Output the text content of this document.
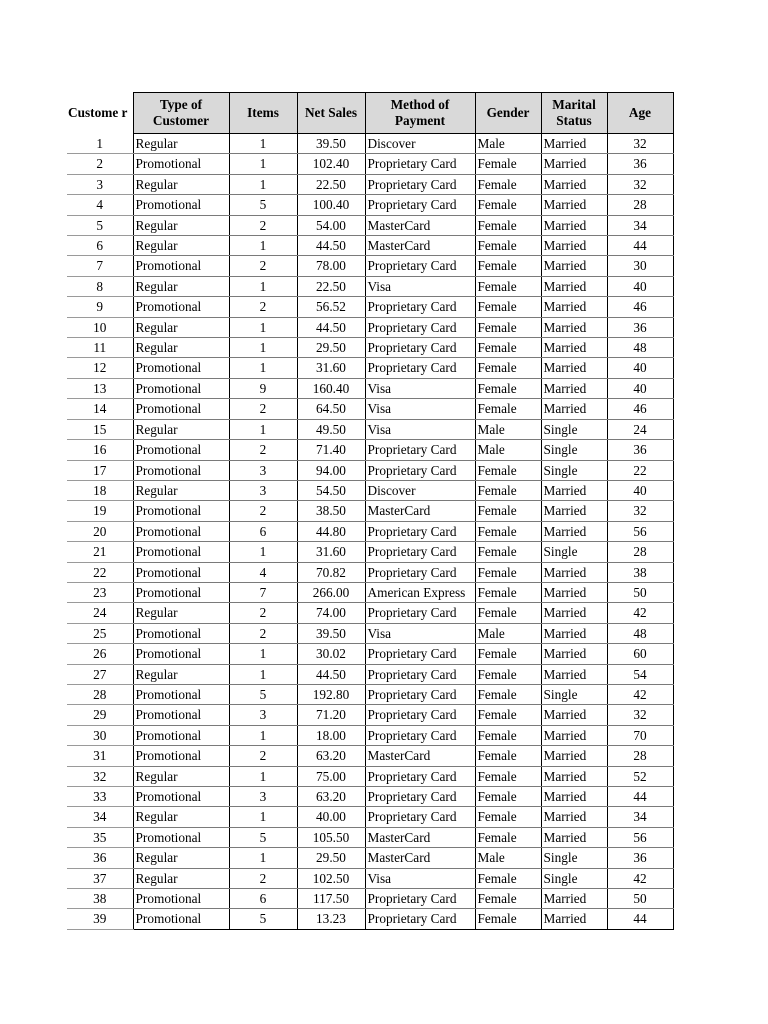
Custome r	Type of Customer	Items	Net Sales	Method of Payment	Gender	Marital Status	Age
1	Regular	1	39.50	Discover	Male	Married	32
2	Promotional	1	102.40	Proprietary Card	Female	Married	36
3	Regular	1	22.50	Proprietary Card	Female	Married	32
4	Promotional	5	100.40	Proprietary Card	Female	Married	28
5	Regular	2	54.00	MasterCard	Female	Married	34
6	Regular	1	44.50	MasterCard	Female	Married	44
7	Promotional	2	78.00	Proprietary Card	Female	Married	30
8	Regular	1	22.50	Visa	Female	Married	40
9	Promotional	2	56.52	Proprietary Card	Female	Married	46
10	Regular	1	44.50	Proprietary Card	Female	Married	36
11	Regular	1	29.50	Proprietary Card	Female	Married	48
12	Promotional	1	31.60	Proprietary Card	Female	Married	40
13	Promotional	9	160.40	Visa	Female	Married	40
14	Promotional	2	64.50	Visa	Female	Married	46
15	Regular	1	49.50	Visa	Male	Single	24
16	Promotional	2	71.40	Proprietary Card	Male	Single	36
17	Promotional	3	94.00	Proprietary Card	Female	Single	22
18	Regular	3	54.50	Discover	Female	Married	40
19	Promotional	2	38.50	MasterCard	Female	Married	32
20	Promotional	6	44.80	Proprietary Card	Female	Married	56
21	Promotional	1	31.60	Proprietary Card	Female	Single	28
22	Promotional	4	70.82	Proprietary Card	Female	Married	38
23	Promotional	7	266.00	American Express	Female	Married	50
24	Regular	2	74.00	Proprietary Card	Female	Married	42
25	Promotional	2	39.50	Visa	Male	Married	48
26	Promotional	1	30.02	Proprietary Card	Female	Married	60
27	Regular	1	44.50	Proprietary Card	Female	Married	54
28	Promotional	5	192.80	Proprietary Card	Female	Single	42
29	Promotional	3	71.20	Proprietary Card	Female	Married	32
30	Promotional	1	18.00	Proprietary Card	Female	Married	70
31	Promotional	2	63.20	MasterCard	Female	Married	28
32	Regular	1	75.00	Proprietary Card	Female	Married	52
33	Promotional	3	63.20	Proprietary Card	Female	Married	44
34	Regular	1	40.00	Proprietary Card	Female	Married	34
35	Promotional	5	105.50	MasterCard	Female	Married	56
36	Regular	1	29.50	MasterCard	Male	Single	36
37	Regular	2	102.50	Visa	Female	Single	42
38	Promotional	6	117.50	Proprietary Card	Female	Married	50
39	Promotional	5	13.23	Proprietary Card	Female	Married	44
